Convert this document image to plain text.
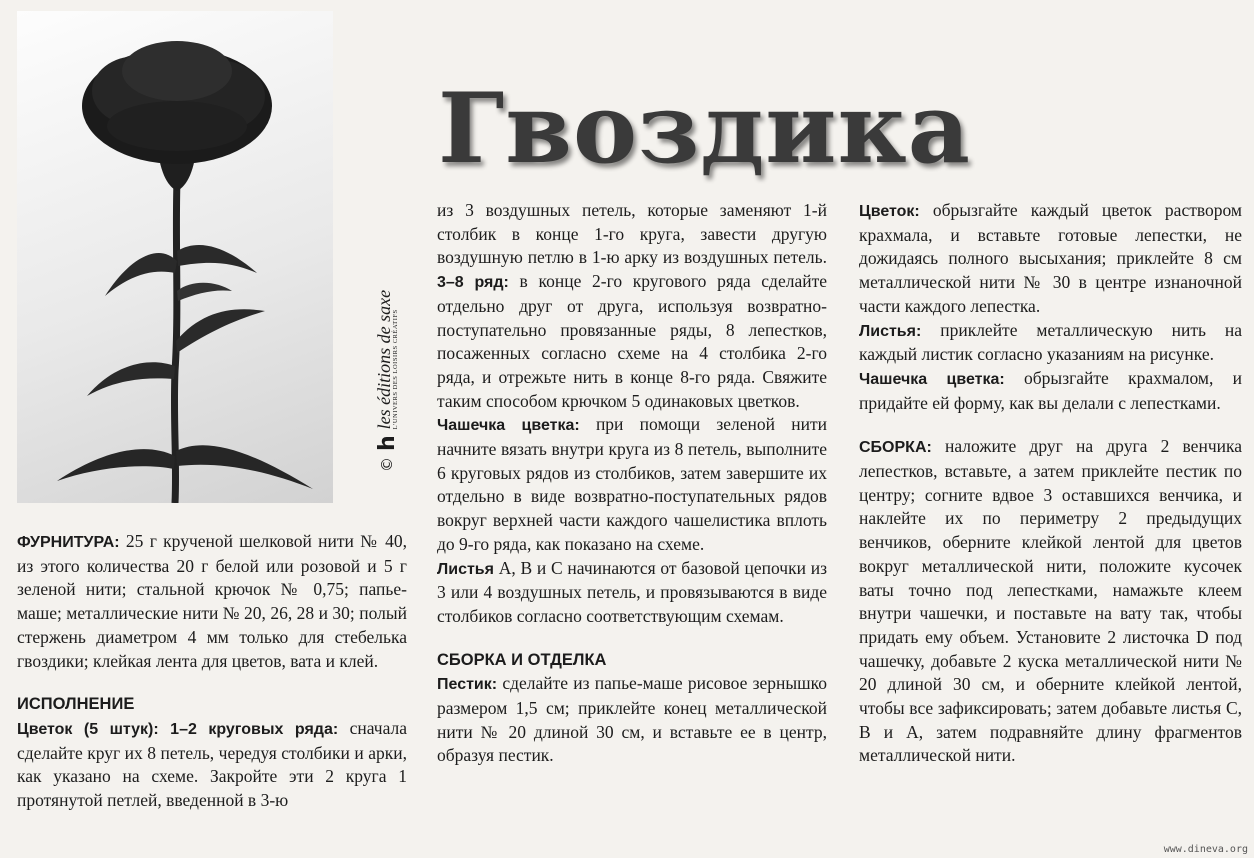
Гвоздика
©
h
les éditions de saxe
L'UNIVERS DES LOISIRS CRÉATIFS

ФУРНИТУРА: 25 г крученой шелковой нити № 40, из этого количества 20 г белой или розовой и 5 г зеленой нити; стальной крючок № 0,75; папье-маше; металлические нити № 20, 26, 28 и 30; полый стержень диаметром 4 мм только для стебелька гвоздики; клейкая лента для цветов, вата и клей.

ИСПОЛНЕНИЕ

Цветок (5 штук): 1–2 круговых ряда: сначала сделайте круг их 8 петель, чередуя столбики и арки, как указано на схеме. Закройте эти 2 круга 1 протянутой петлей, введенной в 3-ю

из 3 воздушных петель, которые заменяют 1-й столбик в конце 1-го круга, завести другую воздушную петлю в 1-ю арку из воздушных петель. 3–8 ряд: в конце 2-го кругового ряда сделайте отдельно друг от друга, используя возвратно-поступательно провязанные ряды, 8 лепестков, посаженных согласно схеме на 4 столбика 2-го ряда, и отрежьте нить в конце 8-го ряда. Свяжите таким способом крючком 5 одинаковых цветков.

Чашечка цветка: при помощи зеленой нити начните вязать внутри круга из 8 петель, выполните 6 круговых рядов из столбиков, затем завершите их отдельно в виде возвратно-поступательных рядов вокруг верхней части каждого чашелистика вплоть до 9-го ряда, как показано на схеме.

Листья А, В и С начинаются от базовой цепочки из 3 или 4 воздушных петель, и провязываются в виде столбиков согласно соответствующим схемам.

СБОРКА И ОТДЕЛКА

Пестик: сделайте из папье-маше рисовое зернышко размером 1,5 см; приклейте конец металлической нити № 20 длиной 30 см, и вставьте ее в центр, образуя пестик.

Цветок: обрызгайте каждый цветок раствором крахмала, и вставьте готовые лепестки, не дожидаясь полного высыхания; приклейте 8 см металлической нити № 30 в центре изнаночной части каждого лепестка.

Листья: приклейте металлическую нить на каждый листик согласно указаниям на рисунке.

Чашечка цветка: обрызгайте крахмалом, и придайте ей форму, как вы делали с лепестками.

СБОРКА: наложите друг на друга 2 венчика лепестков, вставьте, а затем приклейте пестик по центру; согните вдвое 3 оставшихся венчика, и наклейте их по периметру 2 предыдущих венчиков, оберните клейкой лентой для цветов вокруг металлической нити, положите кусочек ваты точно под лепестками, намажьте клеем внутри чашечки, и поставьте на вату так, чтобы придать ему объем. Установите 2 листочка D под чашечку, добавьте 2 куска металлической нити № 20 длиной 30 см, и оберните клейкой лентой, чтобы все зафиксировать; затем добавьте листья C, B и A, затем подравняйте длину фрагментов металлической нити.

www.dineva.org
